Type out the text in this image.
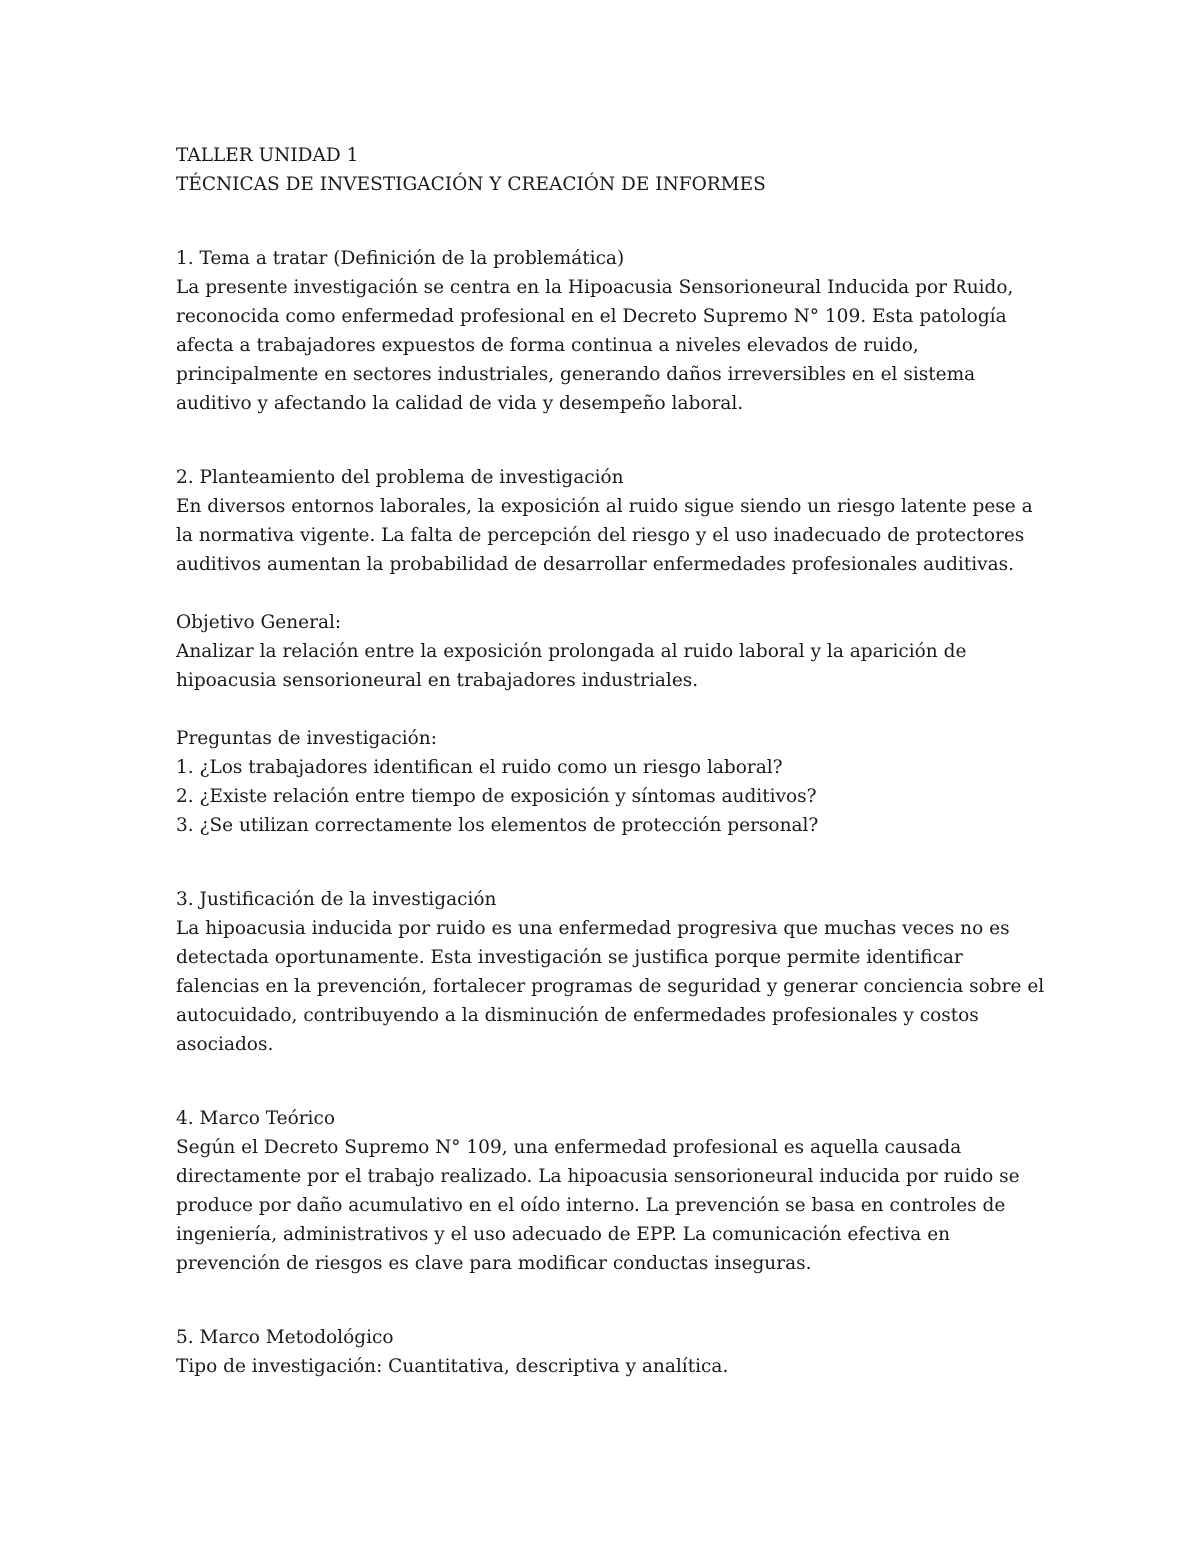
TALLER UNIDAD 1
TÉCNICAS DE INVESTIGACIÓN Y CREACIÓN DE INFORMES
1. Tema a tratar (Definición de la problemática)
La presente investigación se centra en la Hipoacusia Sensorioneural Inducida por Ruido,
reconocida como enfermedad profesional en el Decreto Supremo N° 109. Esta patología
afecta a trabajadores expuestos de forma continua a niveles elevados de ruido,
principalmente en sectores industriales, generando daños irreversibles en el sistema
auditivo y afectando la calidad de vida y desempeño laboral.
2. Planteamiento del problema de investigación
En diversos entornos laborales, la exposición al ruido sigue siendo un riesgo latente pese a
la normativa vigente. La falta de percepción del riesgo y el uso inadecuado de protectores
auditivos aumentan la probabilidad de desarrollar enfermedades profesionales auditivas.
Objetivo General:
Analizar la relación entre la exposición prolongada al ruido laboral y la aparición de
hipoacusia sensorioneural en trabajadores industriales.
Preguntas de investigación:
1. ¿Los trabajadores identifican el ruido como un riesgo laboral?
2. ¿Existe relación entre tiempo de exposición y síntomas auditivos?
3. ¿Se utilizan correctamente los elementos de protección personal?
3. Justificación de la investigación
La hipoacusia inducida por ruido es una enfermedad progresiva que muchas veces no es
detectada oportunamente. Esta investigación se justifica porque permite identificar
falencias en la prevención, fortalecer programas de seguridad y generar conciencia sobre el
autocuidado, contribuyendo a la disminución de enfermedades profesionales y costos
asociados.
4. Marco Teórico
Según el Decreto Supremo N° 109, una enfermedad profesional es aquella causada
directamente por el trabajo realizado. La hipoacusia sensorioneural inducida por ruido se
produce por daño acumulativo en el oído interno. La prevención se basa en controles de
ingeniería, administrativos y el uso adecuado de EPP. La comunicación efectiva en
prevención de riesgos es clave para modificar conductas inseguras.
5. Marco Metodológico
Tipo de investigación: Cuantitativa, descriptiva y analítica.
